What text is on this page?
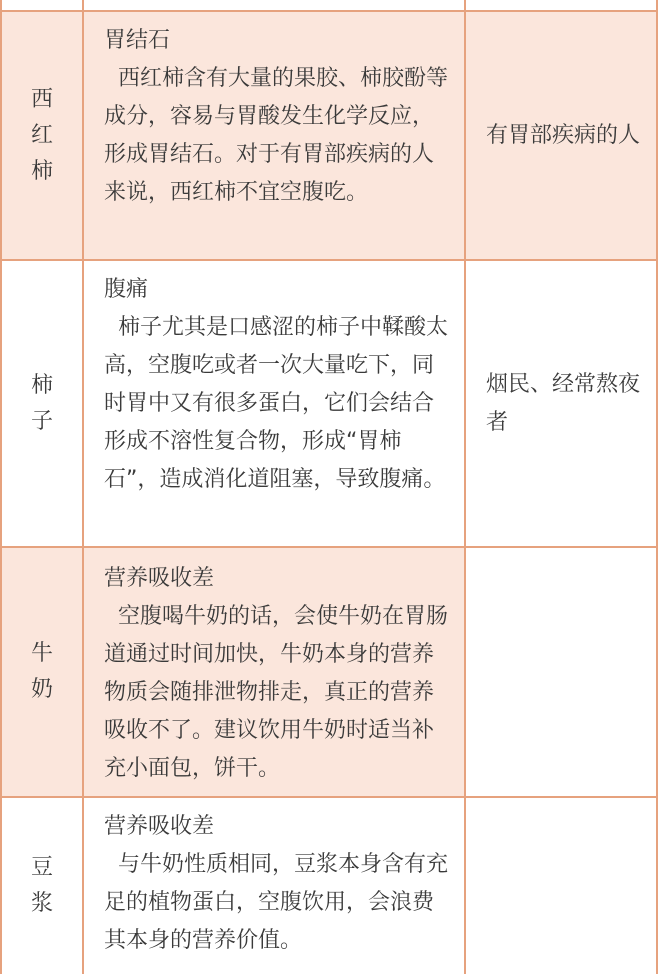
西
红
柿
胃结石
西红柿含有大量的果胶、柿胶酚等成分，容易与胃酸发生化学反应，形成胃结石。对于有胃部疾病的人来说，西红柿不宜空腹吃。
有胃部疾病的人
柿
子
腹痛
柿子尤其是口感涩的柿子中鞣酸太高，空腹吃或者一次大量吃下，同时胃中又有很多蛋白，它们会结合形成不溶性复合物，形成“胃柿石”，造成消化道阻塞，导致腹痛。
烟民、经常熬夜者
牛
奶
营养吸收差
空腹喝牛奶的话，会使牛奶在胃肠道通过时间加快，牛奶本身的营养物质会随排泄物排走，真正的营养吸收不了。建议饮用牛奶时适当补充小面包，饼干。
豆
浆
营养吸收差
与牛奶性质相同，豆浆本身含有充足的植物蛋白，空腹饮用，会浪费其本身的营养价值。
